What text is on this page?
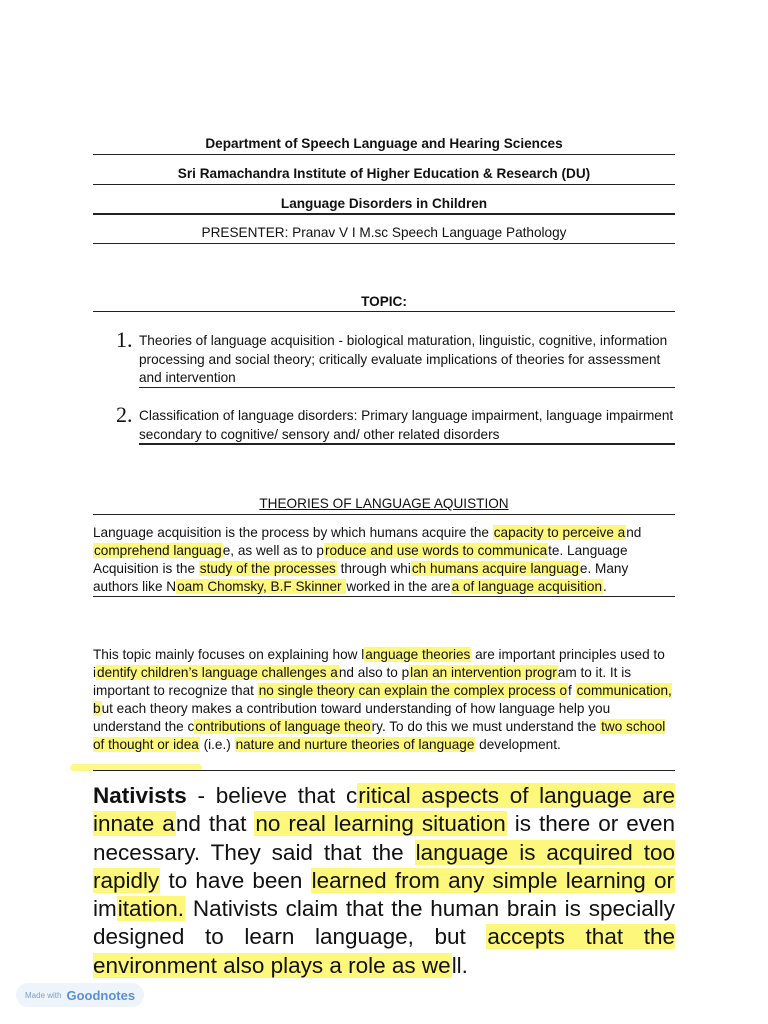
Department of Speech Language and Hearing Sciences
Sri Ramachandra Institute of Higher Education & Research (DU)
Language Disorders in Children
PRESENTER: Pranav V I M.sc Speech Language Pathology
TOPIC:
1. Theories of language acquisition - biological maturation, linguistic, cognitive, information processing and social theory; critically evaluate implications of theories for assessment and intervention
2. Classification of language disorders: Primary language impairment, language impairment secondary to cognitive/ sensory and/ other related disorders
THEORIES OF LANGUAGE AQUISTION
Language acquisition is the process by which humans acquire the capacity to perceive and comprehend language, as well as to produce and use words to communicate. Language Acquisition is the study of the processes through which humans acquire language. Many authors like Noam Chomsky, B.F Skinner worked in the area of language acquisition.
This topic mainly focuses on explaining how language theories are important principles used to identify children’s language challenges and also to plan an intervention program to it. It is important to recognize that no single theory can explain the complex process of communication, but each theory makes a contribution toward understanding of how language help you understand the contributions of language theory. To do this we must understand the two school of thought or idea (i.e.) nature and nurture theories of language development.
Nativists - believe that critical aspects of language are innate and that no real learning situation is there or even necessary. They said that the language is acquired too rapidly to have been learned from any simple learning or imitation. Nativists claim that the human brain is specially designed to learn language, but accepts that the environment also plays a role as well.
Made with Goodnotes
